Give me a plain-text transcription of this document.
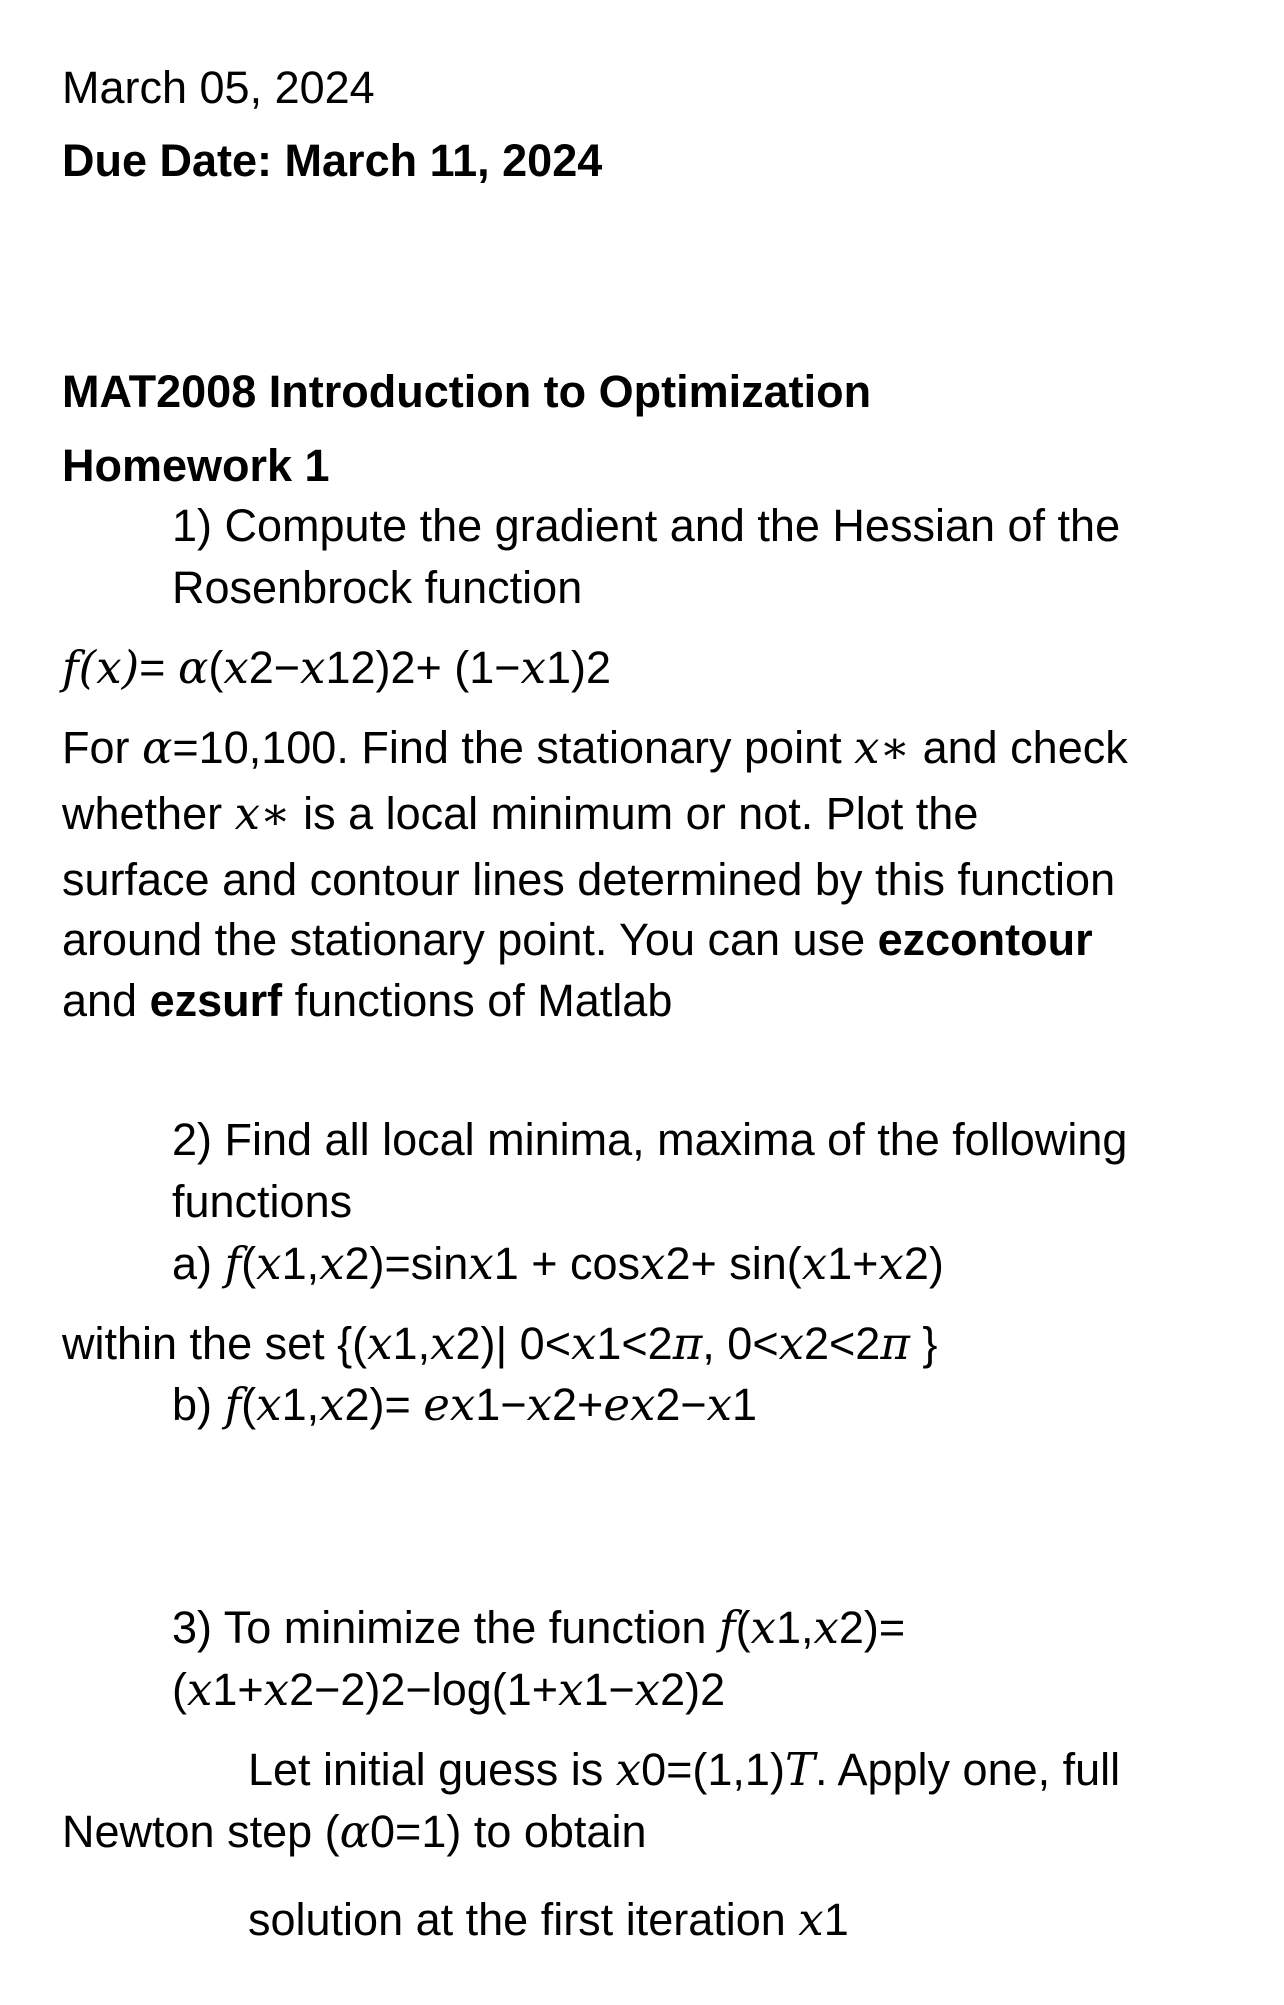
March 05, 2024
Due Date: March 11, 2024
MAT2008 Introduction to Optimization
Homework 1
1) Compute the gradient and the Hessian of the
Rosenbrock function
f(x)= α(x2−x12)2+ (1−x1)2
For α=10,100. Find the stationary point x∗ and check
whether x∗ is a local minimum or not. Plot the
surface and contour lines determined by this function
around the stationary point. You can use ezcontour
and ezsurf functions of Matlab
2) Find all local minima, maxima of the following
functions
a) f(x1,x2)=sinx1 + cosx2+ sin(x1+x2)
within the set {(x1,x2)| 0<x1<2π, 0<x2<2π }
b) f(x1,x2)= ex1−x2+ex2−x1
3) To minimize the function f(x1,x2)=
(x1+x2−2)2−log(1+x1−x2)2
Let initial guess is x0=(1,1)T. Apply one, full
Newton step (α0=1) to obtain
solution at the first iteration x1
